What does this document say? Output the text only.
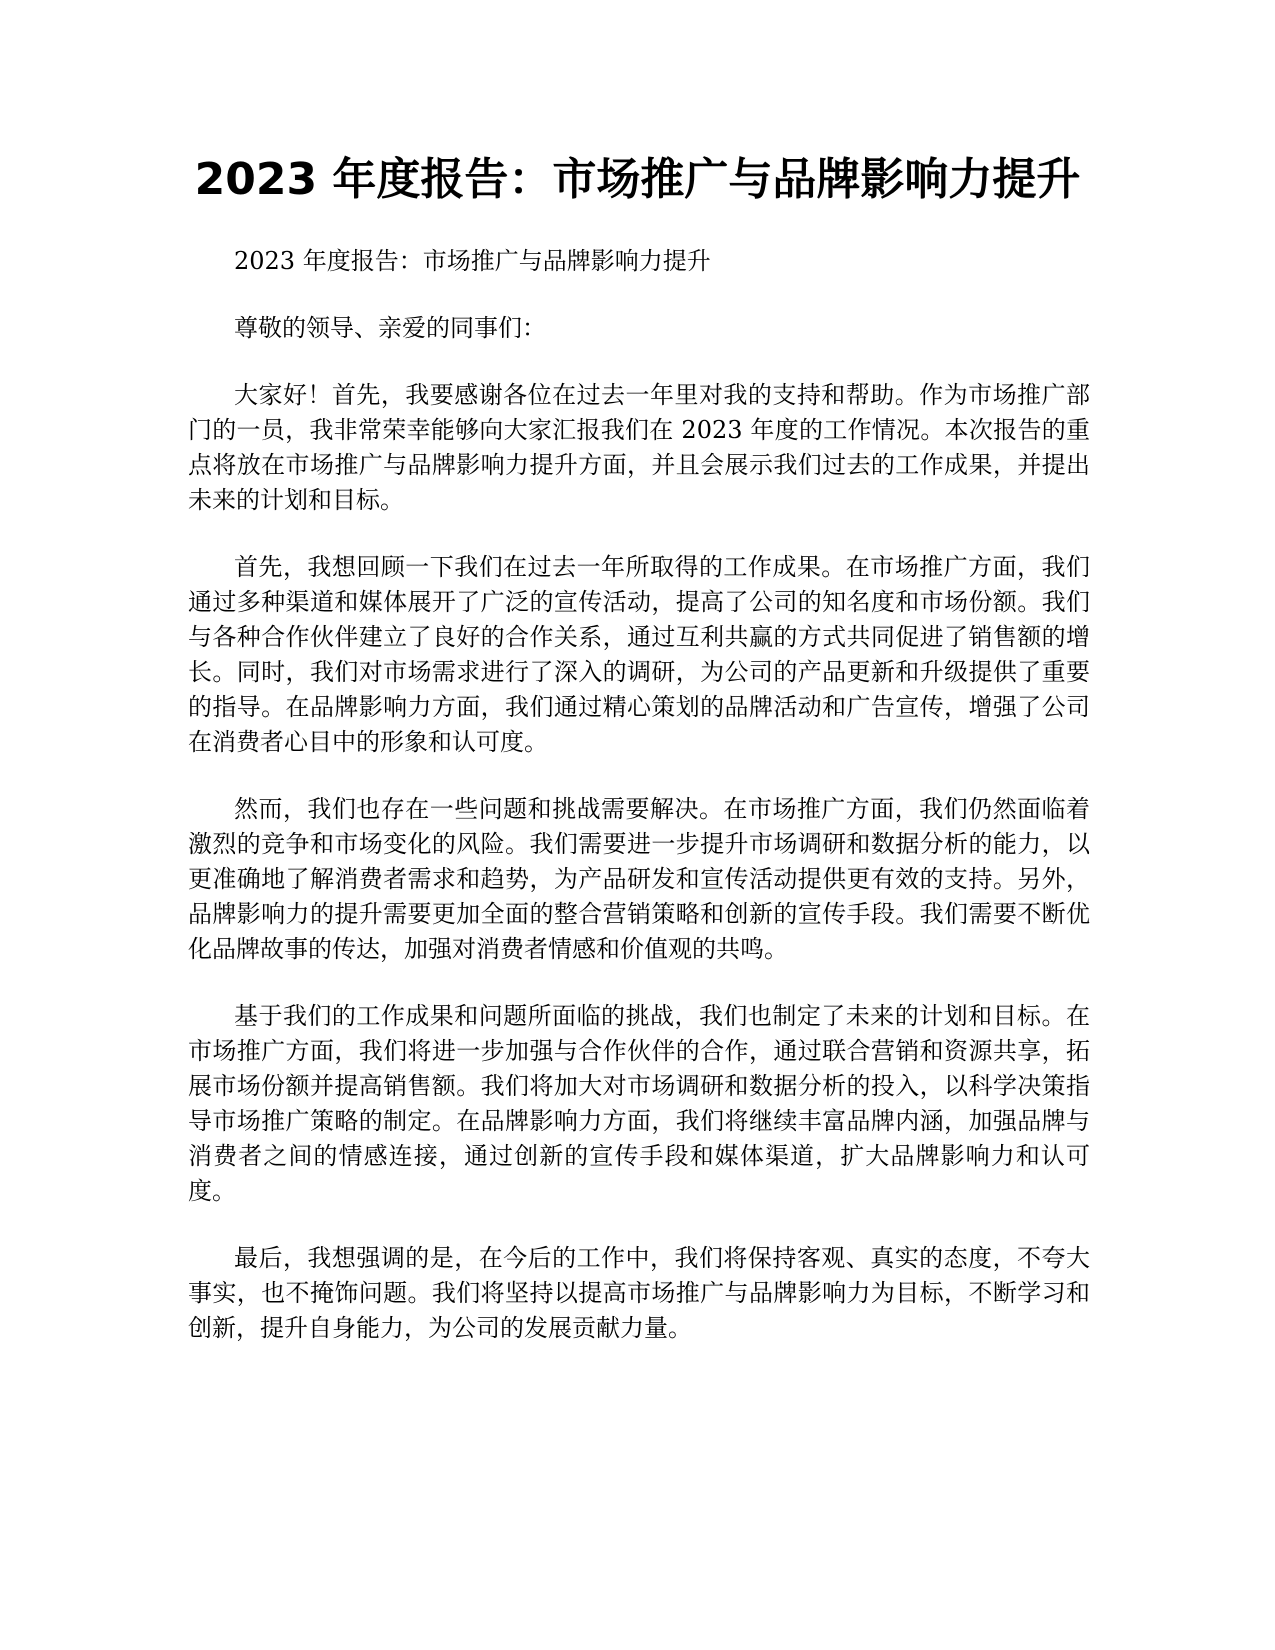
2023 年度报告：市场推广与品牌影响力提升

2023 年度报告：市场推广与品牌影响力提升

尊敬的领导、亲爱的同事们：

大家好！首先，我要感谢各位在过去一年里对我的支持和帮助。作为市场推广部门的一员，我非常荣幸能够向大家汇报我们在 2023 年度的工作情况。本次报告的重点将放在市场推广与品牌影响力提升方面，并且会展示我们过去的工作成果，并提出未来的计划和目标。

首先，我想回顾一下我们在过去一年所取得的工作成果。在市场推广方面，我们通过多种渠道和媒体展开了广泛的宣传活动，提高了公司的知名度和市场份额。我们与各种合作伙伴建立了良好的合作关系，通过互利共赢的方式共同促进了销售额的增长。同时，我们对市场需求进行了深入的调研，为公司的产品更新和升级提供了重要的指导。在品牌影响力方面，我们通过精心策划的品牌活动和广告宣传，增强了公司在消费者心目中的形象和认可度。

然而，我们也存在一些问题和挑战需要解决。在市场推广方面，我们仍然面临着激烈的竞争和市场变化的风险。我们需要进一步提升市场调研和数据分析的能力，以更准确地了解消费者需求和趋势，为产品研发和宣传活动提供更有效的支持。另外，品牌影响力的提升需要更加全面的整合营销策略和创新的宣传手段。我们需要不断优化品牌故事的传达，加强对消费者情感和价值观的共鸣。

基于我们的工作成果和问题所面临的挑战，我们也制定了未来的计划和目标。在市场推广方面，我们将进一步加强与合作伙伴的合作，通过联合营销和资源共享，拓展市场份额并提高销售额。我们将加大对市场调研和数据分析的投入，以科学决策指导市场推广策略的制定。在品牌影响力方面，我们将继续丰富品牌内涵，加强品牌与消费者之间的情感连接，通过创新的宣传手段和媒体渠道，扩大品牌影响力和认可度。

最后，我想强调的是，在今后的工作中，我们将保持客观、真实的态度，不夸大事实，也不掩饰问题。我们将坚持以提高市场推广与品牌影响力为目标，不断学习和创新，提升自身能力，为公司的发展贡献力量。
